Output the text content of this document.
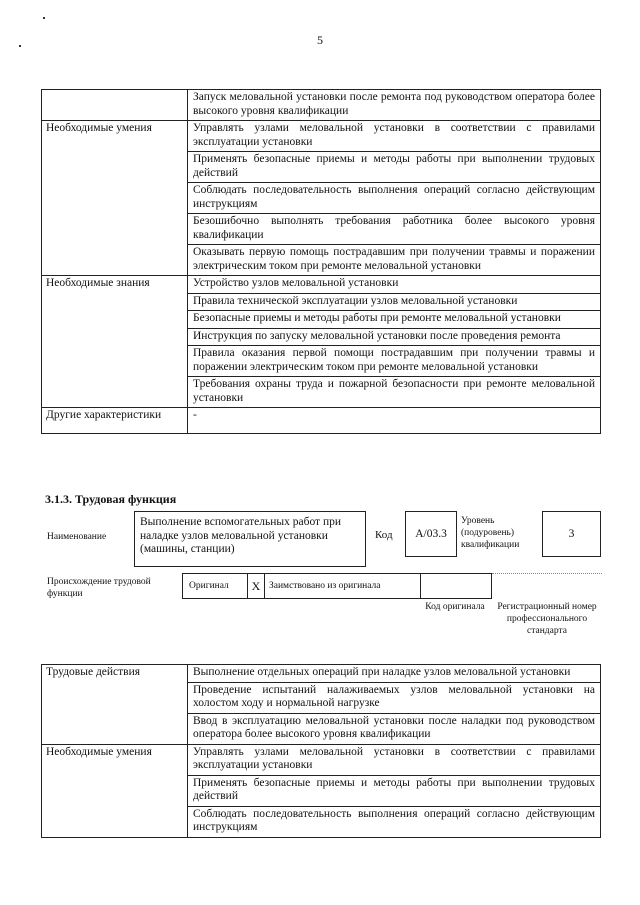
5
	Запуск меловальной установки после ремонта под руководством оператора более высокого уровня квалификации
Необходимые умения	Управлять узлами меловальной установки в соответствии с правилами эксплуатации установки
	Применять безопасные приемы и методы работы при выполнении трудовых действий
	Соблюдать последовательность выполнения операций согласно действующим инструкциям
	Безошибочно выполнять требования работника более высокого уровня квалификации
	Оказывать первую помощь пострадавшим при получении травмы и поражении электрическим током при ремонте меловальной установки
Необходимые знания	Устройство узлов меловальной установки
	Правила технической эксплуатации узлов меловальной установки
	Безопасные приемы и методы работы при ремонте меловальной установки
	Инструкция по запуску меловальной установки после проведения ремонта
	Правила оказания первой помощи пострадавшим при получении травмы и поражении электрическим током при ремонте меловальной установки
	Требования охраны труда и пожарной безопасности при ремонте меловальной установки
Другие характеристики	-
3.1.3. Трудовая функция
Наименование
Выполнение вспомогательных работ при наладке узлов меловальной установки (машины, станции)
Код	A/03.3
Уровень (подуровень) квалификации
3
Происхождение трудовой функции
Оригинал	X Заимствовано из оригинала
Код оригинала	Регистрационный номер профессионального стандарта
Трудовые действия	Выполнение отдельных операций при наладке узлов меловальной установки
	Проведение испытаний налаживаемых узлов меловальной установки на холостом ходу и нормальной нагрузке
	Ввод в эксплуатацию меловальной установки после наладки под руководством оператора более высокого уровня квалификации
Необходимые умения	Управлять узлами меловальной установки в соответствии с правилами эксплуатации установки
	Применять безопасные приемы и методы работы при выполнении трудовых действий
	Соблюдать последовательность выполнения операций согласно действующим инструкциям
